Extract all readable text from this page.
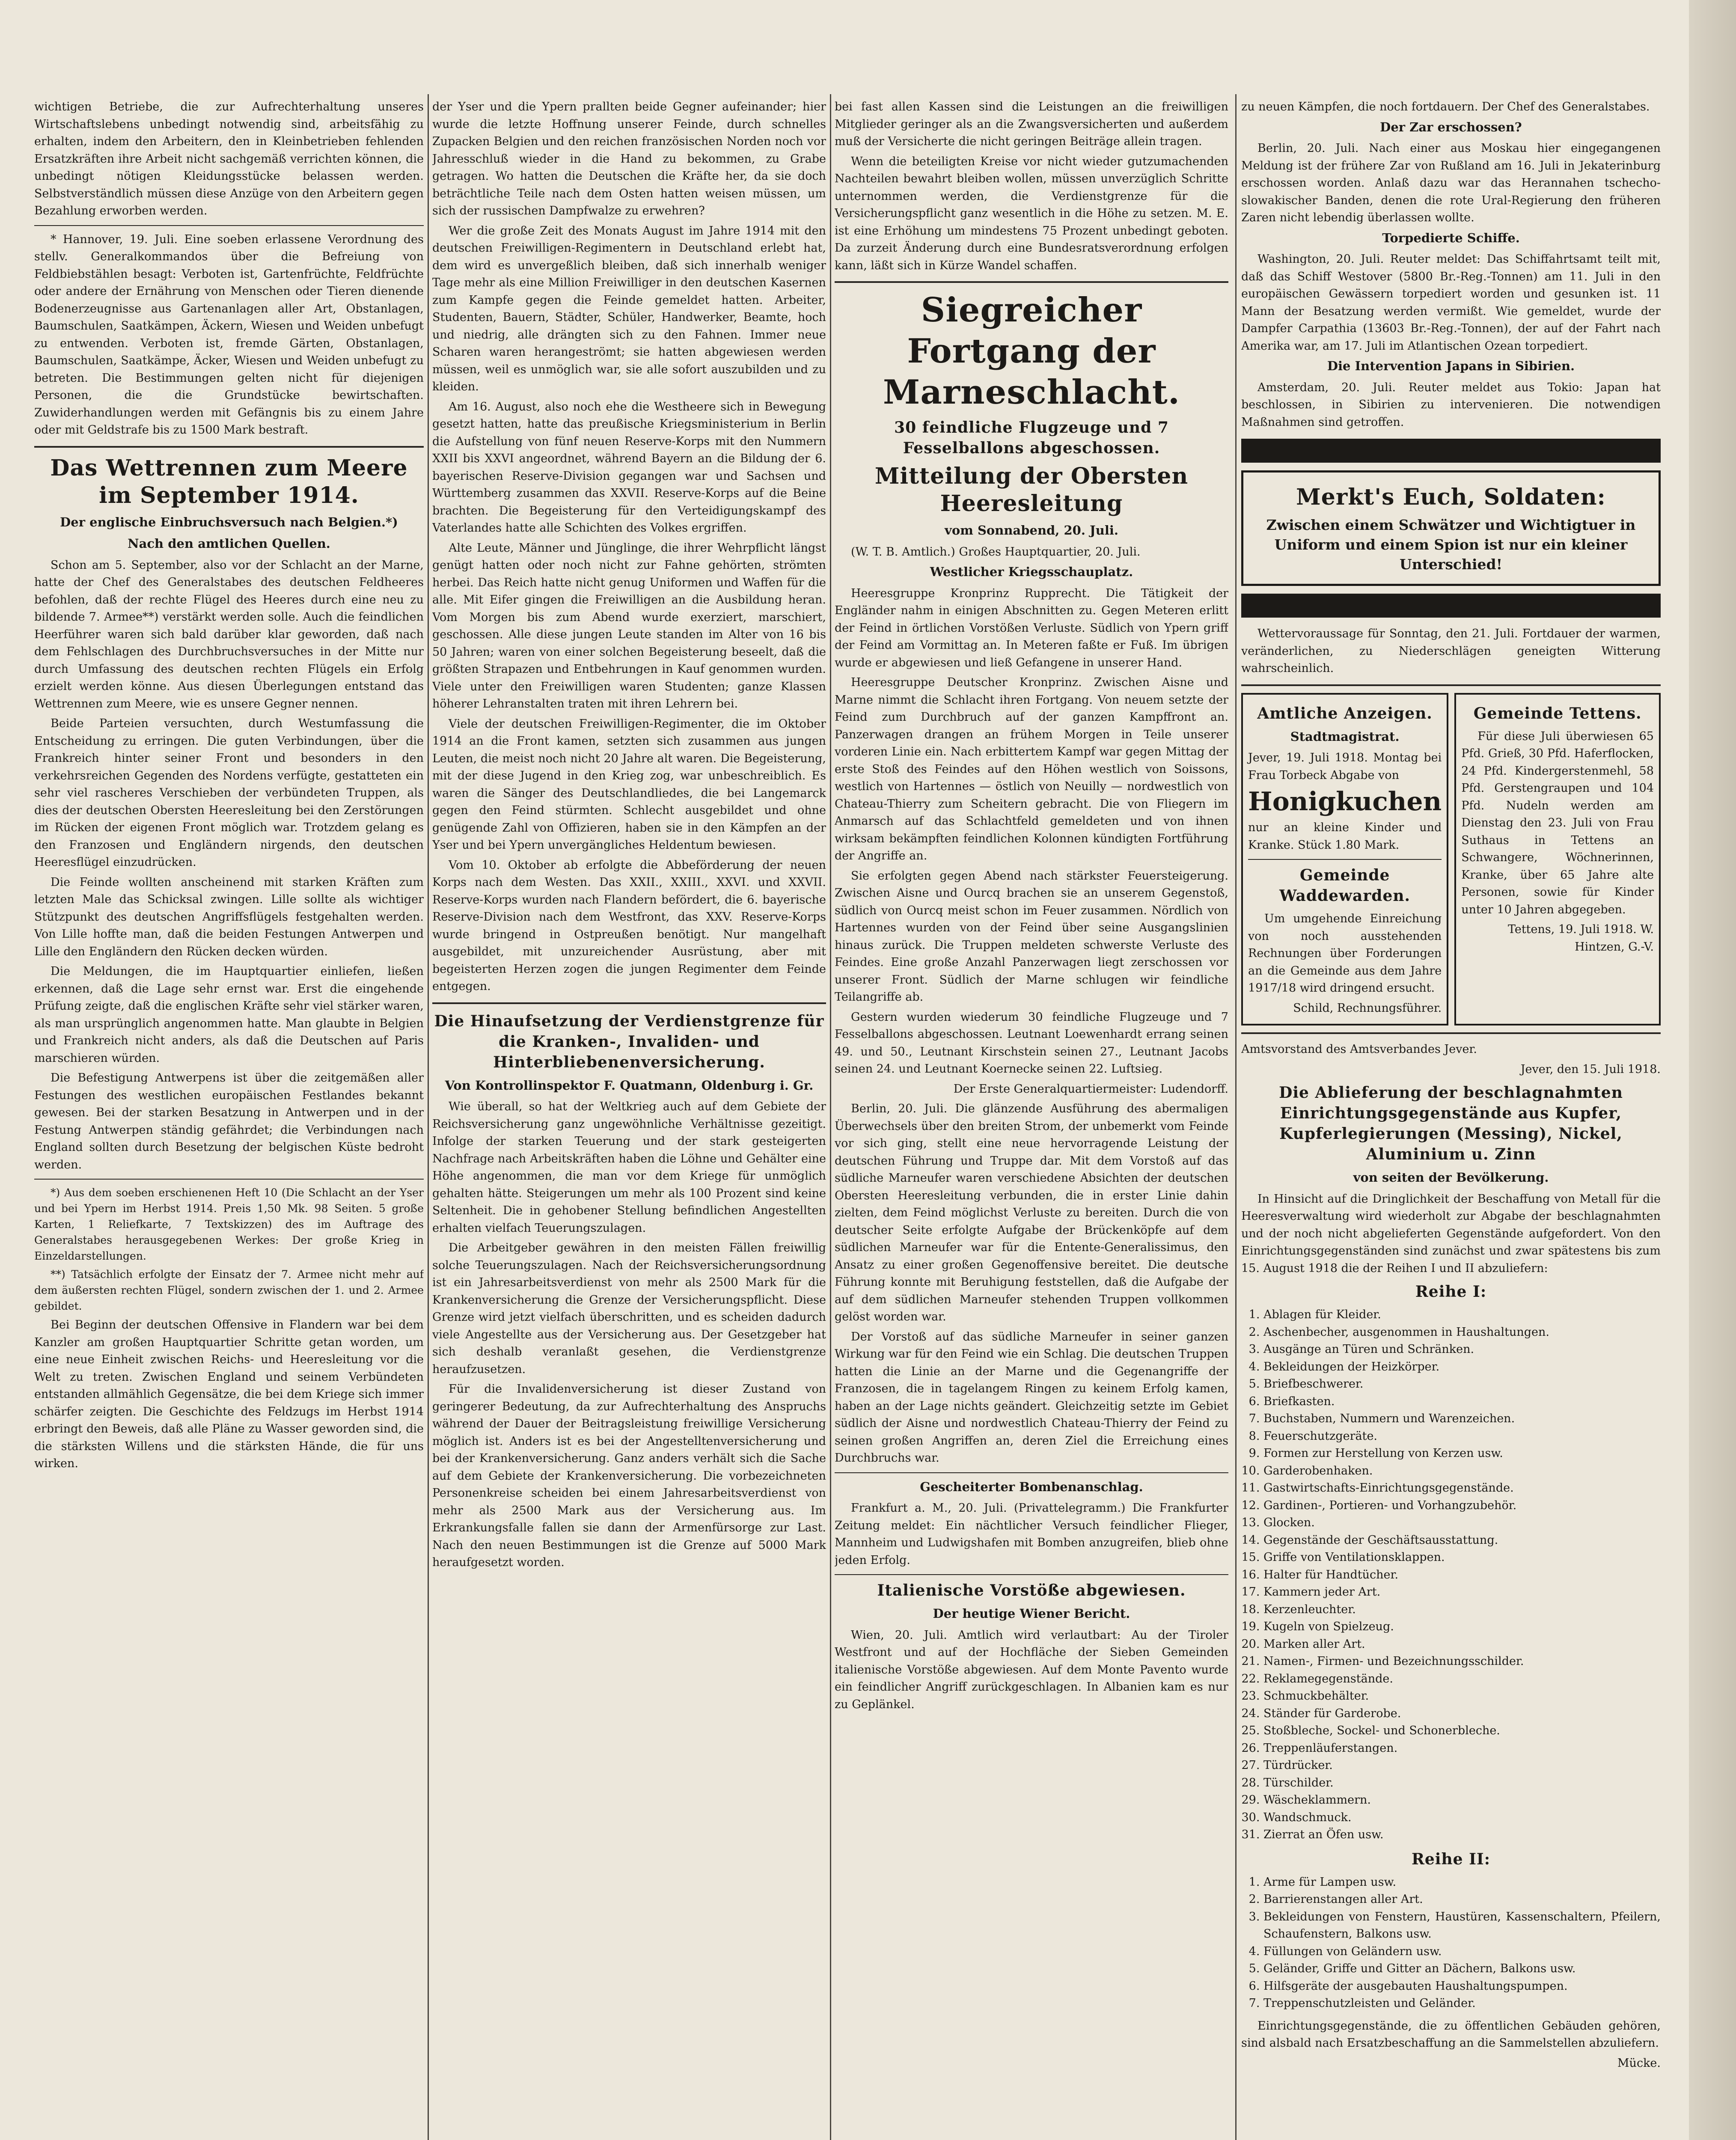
wichtigen Betriebe, die zur Aufrechterhaltung unseres Wirtschaftslebens unbedingt notwendig sind, arbeitsfähig zu erhalten, indem den Arbeitern, den in Kleinbetrieben fehlenden Ersatzkräften ihre Arbeit nicht sachgemäß verrichten können, die unbedingt nötigen Kleidungsstücke belassen werden. Selbstverständlich müssen diese Anzüge von den Arbeitern gegen Bezahlung erworben werden.

* Hannover, 19. Juli. Eine soeben erlassene Verordnung des stellv. Generalkommandos über die Befreiung von Feldbiebstählen besagt: Verboten ist, Gartenfrüchte, Feldfrüchte oder andere der Ernährung von Menschen oder Tieren dienende Bodenerzeugnisse aus Gartenanlagen aller Art, Obstanlagen, Baumschulen, Saatkämpen, Äckern, Wiesen und Weiden unbefugt zu entwenden. Verboten ist, fremde Gärten, Obstanlagen, Baumschulen, Saatkämpe, Äcker, Wiesen und Weiden unbefugt zu betreten. Die Bestimmungen gelten nicht für diejenigen Personen, die die Grundstücke bewirtschaften. Zuwiderhandlungen werden mit Gefängnis bis zu einem Jahre oder mit Geldstrafe bis zu 1500 Mark bestraft.

Das Wettrennen zum Meere im September 1914.
Der englische Einbruchsversuch nach Belgien.*)
Nach den amtlichen Quellen.

Schon am 5. September, also vor der Schlacht an der Marne, hatte der Chef des Generalstabes des deutschen Feldheeres befohlen, daß der rechte Flügel des Heeres durch eine neu zu bildende 7. Armee**) verstärkt werden solle. Auch die feindlichen Heerführer waren sich bald darüber klar geworden, daß nach dem Fehlschlagen des Durchbruchsversuches in der Mitte nur durch Umfassung des deutschen rechten Flügels ein Erfolg erzielt werden könne. Aus diesen Überlegungen entstand das Wettrennen zum Meere, wie es unsere Gegner nennen.

Beide Parteien versuchten, durch Westumfassung die Entscheidung zu erringen. Die guten Verbindungen, über die Frankreich hinter seiner Front und besonders in den verkehrsreichen Gegenden des Nordens verfügte, gestatteten ein sehr viel rascheres Verschieben der verbündeten Truppen, als dies der deutschen Obersten Heeresleitung bei den Zerstörungen im Rücken der eigenen Front möglich war. Trotzdem gelang es den Franzosen und Engländern nirgends, den deutschen Heeresflügel einzudrücken.

Die Feinde wollten anscheinend mit starken Kräften zum letzten Male das Schicksal zwingen. Lille sollte als wichtiger Stützpunkt des deutschen Angriffsflügels festgehalten werden. Von Lille hoffte man, daß die beiden Festungen Antwerpen und Lille den Engländern den Rücken decken würden.

Die Meldungen, die im Hauptquartier einliefen, ließen erkennen, daß die Lage sehr ernst war. Erst die eingehende Prüfung zeigte, daß die englischen Kräfte sehr viel stärker waren, als man ursprünglich angenommen hatte. Man glaubte in Belgien und Frankreich nicht anders, als daß die Deutschen auf Paris marschieren würden.

Die Befestigung Antwerpens ist über die zeitgemäßen aller Festungen des westlichen europäischen Festlandes bekannt gewesen. Bei der starken Besatzung in Antwerpen und in der Festung Antwerpen ständig gefährdet; die Verbindungen nach England sollten durch Besetzung der belgischen Küste bedroht werden.

*) Aus dem soeben erschienenen Heft 10 (Die Schlacht an der Yser und bei Ypern im Herbst 1914. Preis 1,50 Mk. 98 Seiten. 5 große Karten, 1 Reliefkarte, 7 Textskizzen) des im Auftrage des Generalstabes herausgegebenen Werkes: Der große Krieg in Einzeldarstellungen.

**) Tatsächlich erfolgte der Einsatz der 7. Armee nicht mehr auf dem äußersten rechten Flügel, sondern zwischen der 1. und 2. Armee gebildet.

Bei Beginn der deutschen Offensive in Flandern war bei dem Kanzler am großen Hauptquartier Schritte getan worden, um eine neue Einheit zwischen Reichs- und Heeresleitung vor die Welt zu treten. Zwischen England und seinem Verbündeten entstanden allmählich Gegensätze, die bei dem Kriege sich immer schärfer zeigten. Die Geschichte des Feldzugs im Herbst 1914 erbringt den Beweis, daß alle Pläne zu Wasser geworden sind, die die stärksten Willens und die stärksten Hände, die für uns wirken.

der Yser und die Ypern prallten beide Gegner aufeinander; hier wurde die letzte Hoffnung unserer Feinde, durch schnelles Zupacken Belgien und den reichen französischen Norden noch vor Jahresschluß wieder in die Hand zu bekommen, zu Grabe getragen. Wo hatten die Deutschen die Kräfte her, da sie doch beträchtliche Teile nach dem Osten hatten weisen müssen, um sich der russischen Dampfwalze zu erwehren?

Wer die große Zeit des Monats August im Jahre 1914 mit den deutschen Freiwilligen-Regimentern in Deutschland erlebt hat, dem wird es unvergeßlich bleiben, daß sich innerhalb weniger Tage mehr als eine Million Freiwilliger in den deutschen Kasernen zum Kampfe gegen die Feinde gemeldet hatten. Arbeiter, Studenten, Bauern, Städter, Schüler, Handwerker, Beamte, hoch und niedrig, alle drängten sich zu den Fahnen. Immer neue Scharen waren herangeströmt; sie hatten abgewiesen werden müssen, weil es unmöglich war, sie alle sofort auszubilden und zu kleiden.

Am 16. August, also noch ehe die Westheere sich in Bewegung gesetzt hatten, hatte das preußische Kriegsministerium in Berlin die Aufstellung von fünf neuen Reserve-Korps mit den Nummern XXII bis XXVI angeordnet, während Bayern an die Bildung der 6. bayerischen Reserve-Division gegangen war und Sachsen und Württemberg zusammen das XXVII. Reserve-Korps auf die Beine brachten. Die Begeisterung für den Verteidigungskampf des Vaterlandes hatte alle Schichten des Volkes ergriffen.

Alte Leute, Männer und Jünglinge, die ihrer Wehrpflicht längst genügt hatten oder noch nicht zur Fahne gehörten, strömten herbei. Das Reich hatte nicht genug Uniformen und Waffen für die alle. Mit Eifer gingen die Freiwilligen an die Ausbildung heran. Vom Morgen bis zum Abend wurde exerziert, marschiert, geschossen. Alle diese jungen Leute standen im Alter von 16 bis 50 Jahren; waren von einer solchen Begeisterung beseelt, daß die größten Strapazen und Entbehrungen in Kauf genommen wurden. Viele unter den Freiwilligen waren Studenten; ganze Klassen höherer Lehranstalten traten mit ihren Lehrern bei.

Viele der deutschen Freiwilligen-Regimenter, die im Oktober 1914 an die Front kamen, setzten sich zusammen aus jungen Leuten, die meist noch nicht 20 Jahre alt waren. Die Begeisterung, mit der diese Jugend in den Krieg zog, war unbeschreiblich. Es waren die Sänger des Deutschlandliedes, die bei Langemarck gegen den Feind stürmten. Schlecht ausgebildet und ohne genügende Zahl von Offizieren, haben sie in den Kämpfen an der Yser und bei Ypern unvergängliches Heldentum bewiesen.

Vom 10. Oktober ab erfolgte die Abbeförderung der neuen Korps nach dem Westen. Das XXII., XXIII., XXVI. und XXVII. Reserve-Korps wurden nach Flandern befördert, die 6. bayerische Reserve-Division nach dem Westfront, das XXV. Reserve-Korps wurde bringend in Ostpreußen benötigt. Nur mangelhaft ausgebildet, mit unzureichender Ausrüstung, aber mit begeisterten Herzen zogen die jungen Regimenter dem Feinde entgegen.

Die Hinaufsetzung der Verdienstgrenze für die Kranken-, Invaliden- und Hinterbliebenenversicherung.
Von Kontrollinspektor F. Quatmann, Oldenburg i. Gr.

Wie überall, so hat der Weltkrieg auch auf dem Gebiete der Reichsversicherung ganz ungewöhnliche Verhältnisse gezeitigt. Infolge der starken Teuerung und der stark gesteigerten Nachfrage nach Arbeitskräften haben die Löhne und Gehälter eine Höhe angenommen, die man vor dem Kriege für unmöglich gehalten hätte. Steigerungen um mehr als 100 Prozent sind keine Seltenheit. Die in gehobener Stellung befindlichen Angestellten erhalten vielfach Teuerungszulagen.

Die Arbeitgeber gewähren in den meisten Fällen freiwillig solche Teuerungszulagen. Nach der Reichsversicherungsordnung ist ein Jahresarbeitsverdienst von mehr als 2500 Mark für die Krankenversicherung die Grenze der Versicherungspflicht. Diese Grenze wird jetzt vielfach überschritten, und es scheiden dadurch viele Angestellte aus der Versicherung aus. Der Gesetzgeber hat sich deshalb veranlaßt gesehen, die Verdienstgrenze heraufzusetzen.

Für die Invalidenversicherung ist dieser Zustand von geringerer Bedeutung, da zur Aufrechterhaltung des Anspruchs während der Dauer der Beitragsleistung freiwillige Versicherung möglich ist. Anders ist es bei der Angestelltenversicherung und bei der Krankenversicherung. Ganz anders verhält sich die Sache auf dem Gebiete der Krankenversicherung. Die vorbezeichneten Personenkreise scheiden bei einem Jahresarbeitsverdienst von mehr als 2500 Mark aus der Versicherung aus. Im Erkrankungsfalle fallen sie dann der Armenfürsorge zur Last. Nach den neuen Bestimmungen ist die Grenze auf 5000 Mark heraufgesetzt worden.

bei fast allen Kassen sind die Leistungen an die freiwilligen Mitglieder geringer als an die Zwangsversicherten und außerdem muß der Versicherte die nicht geringen Beiträge allein tragen.

Wenn die beteiligten Kreise vor nicht wieder gutzumachenden Nachteilen bewahrt bleiben wollen, müssen unverzüglich Schritte unternommen werden, die Verdienstgrenze für die Versicherungspflicht ganz wesentlich in die Höhe zu setzen. M. E. ist eine Erhöhung um mindestens 75 Prozent unbedingt geboten. Da zurzeit Änderung durch eine Bundesratsverordnung erfolgen kann, läßt sich in Kürze Wandel schaffen.

Siegreicher Fortgang der Marneschlacht.
30 feindliche Flugzeuge und 7 Fesselballons abgeschossen.
Mitteilung der Obersten Heeresleitung
vom Sonnabend, 20. Juli.

(W. T. B. Amtlich.) Großes Hauptquartier, 20. Juli.

Westlicher Kriegsschauplatz.

Heeresgruppe Kronprinz Rupprecht. Die Tätigkeit der Engländer nahm in einigen Abschnitten zu. Gegen Meteren erlitt der Feind in örtlichen Vorstößen Verluste. Südlich von Ypern griff der Feind am Vormittag an. In Meteren faßte er Fuß. Im übrigen wurde er abgewiesen und ließ Gefangene in unserer Hand.

Heeresgruppe Deutscher Kronprinz. Zwischen Aisne und Marne nimmt die Schlacht ihren Fortgang. Von neuem setzte der Feind zum Durchbruch auf der ganzen Kampffront an. Panzerwagen drangen an frühem Morgen in Teile unserer vorderen Linie ein. Nach erbittertem Kampf war gegen Mittag der erste Stoß des Feindes auf den Höhen westlich von Soissons, westlich von Hartennes — östlich von Neuilly — nordwestlich von Chateau-Thierry zum Scheitern gebracht. Die von Fliegern im Anmarsch auf das Schlachtfeld gemeldeten und von ihnen wirksam bekämpften feindlichen Kolonnen kündigten Fortführung der Angriffe an.

Sie erfolgten gegen Abend nach stärkster Feuersteigerung. Zwischen Aisne und Ourcq brachen sie an unserem Gegenstoß, südlich von Ourcq meist schon im Feuer zusammen. Nördlich von Hartennes wurden von der Feind über seine Ausgangslinien hinaus zurück. Die Truppen meldeten schwerste Verluste des Feindes. Eine große Anzahl Panzerwagen liegt zerschossen vor unserer Front. Südlich der Marne schlugen wir feindliche Teilangriffe ab.

Gestern wurden wiederum 30 feindliche Flugzeuge und 7 Fesselballons abgeschossen. Leutnant Loewenhardt errang seinen 49. und 50., Leutnant Kirschstein seinen 27., Leutnant Jacobs seinen 24. und Leutnant Koernecke seinen 22. Luftsieg.

Der Erste Generalquartiermeister: Ludendorff.

Berlin, 20. Juli. Die glänzende Ausführung des abermaligen Überwechsels über den breiten Strom, der unbemerkt vom Feinde vor sich ging, stellt eine neue hervorragende Leistung der deutschen Führung und Truppe dar. Mit dem Vorstoß auf das südliche Marneufer waren verschiedene Absichten der deutschen Obersten Heeresleitung verbunden, die in erster Linie dahin zielten, dem Feind möglichst Verluste zu bereiten. Durch die von deutscher Seite erfolgte Aufgabe der Brückenköpfe auf dem südlichen Marneufer war für die Entente-Generalissimus, den Ansatz zu einer großen Gegenoffensive bereitet. Die deutsche Führung konnte mit Beruhigung feststellen, daß die Aufgabe der auf dem südlichen Marneufer stehenden Truppen vollkommen gelöst worden war.

Der Vorstoß auf das südliche Marneufer in seiner ganzen Wirkung war für den Feind wie ein Schlag. Die deutschen Truppen hatten die Linie an der Marne und die Gegenangriffe der Franzosen, die in tagelangem Ringen zu keinem Erfolg kamen, haben an der Lage nichts geändert. Gleichzeitig setzte im Gebiet südlich der Aisne und nordwestlich Chateau-Thierry der Feind zu seinen großen Angriffen an, deren Ziel die Erreichung eines Durchbruchs war.

Gescheiterter Bombenanschlag.

Frankfurt a. M., 20. Juli. (Privattelegramm.) Die Frankfurter Zeitung meldet: Ein nächtlicher Versuch feindlicher Flieger, Mannheim und Ludwigshafen mit Bomben anzugreifen, blieb ohne jeden Erfolg.

Italienische Vorstöße abgewiesen.
Der heutige Wiener Bericht.

Wien, 20. Juli. Amtlich wird verlautbart: Au der Tiroler Westfront und auf der Hochfläche der Sieben Gemeinden italienische Vorstöße abgewiesen. Auf dem Monte Pavento wurde ein feindlicher Angriff zurückgeschlagen. In Albanien kam es nur zu Geplänkel.

zu neuen Kämpfen, die noch fortdauern. Der Chef des Generalstabes.

Der Zar erschossen?

Berlin, 20. Juli. Nach einer aus Moskau hier eingegangenen Meldung ist der frühere Zar von Rußland am 16. Juli in Jekaterinburg erschossen worden. Anlaß dazu war das Herannahen tschecho-slowakischer Banden, denen die rote Ural-Regierung den früheren Zaren nicht lebendig überlassen wollte.

Torpedierte Schiffe.

Washington, 20. Juli. Reuter meldet: Das Schiffahrtsamt teilt mit, daß das Schiff Westover (5800 Br.-Reg.-Tonnen) am 11. Juli in den europäischen Gewässern torpediert worden und gesunken ist. 11 Mann der Besatzung werden vermißt. Wie gemeldet, wurde der Dampfer Carpathia (13603 Br.-Reg.-Tonnen), der auf der Fahrt nach Amerika war, am 17. Juli im Atlantischen Ozean torpediert.

Die Intervention Japans in Sibirien.

Amsterdam, 20. Juli. Reuter meldet aus Tokio: Japan hat beschlossen, in Sibirien zu intervenieren. Die notwendigen Maßnahmen sind getroffen.

Merkt's Euch, Soldaten:

Zwischen einem Schwätzer und Wichtigtuer in Uniform und einem Spion ist nur ein kleiner Unterschied!

Wettervoraussage für Sonntag, den 21. Juli. Fortdauer der warmen, veränderlichen, zu Niederschlägen geneigten Witterung wahrscheinlich.

Amtliche Anzeigen.
Stadtmagistrat.

Jever, 19. Juli 1918. Montag bei Frau Torbeck Abgabe von

Honigkuchen

nur an kleine Kinder und Kranke. Stück 1.80 Mark.

Gemeinde Waddewarden.

Um umgehende Einreichung von noch ausstehenden Rechnungen über Forderungen an die Gemeinde aus dem Jahre 1917/18 wird dringend ersucht.

Schild, Rechnungsführer.

Gemeinde Tettens.

Für diese Juli überwiesen 65 Pfd. Grieß, 30 Pfd. Haferflocken, 24 Pfd. Kindergerstenmehl, 58 Pfd. Gerstengraupen und 104 Pfd. Nudeln werden am Dienstag den 23. Juli von Frau Suthaus in Tettens an Schwangere, Wöchnerinnen, Kranke, über 65 Jahre alte Personen, sowie für Kinder unter 10 Jahren abgegeben.

Tettens, 19. Juli 1918. W. Hintzen, G.-V.

Amtsvorstand des Amtsverbandes Jever.

Jever, den 15. Juli 1918.

Die Ablieferung der beschlagnahmten Einrichtungsgegenstände aus Kupfer, Kupferlegierungen (Messing), Nickel, Aluminium u. Zinn
von seiten der Bevölkerung.

In Hinsicht auf die Dringlichkeit der Beschaffung von Metall für die Heeresverwaltung wird wiederholt zur Abgabe der beschlagnahmten und der noch nicht abgelieferten Gegenstände aufgefordert. Von den Einrichtungsgegenständen sind zunächst und zwar spätestens bis zum 15. August 1918 die der Reihen I und II abzuliefern:

Reihe I:
1. Ablagen für Kleider.
2. Aschenbecher, ausgenommen in Haushaltungen.
3. Ausgänge an Türen und Schränken.
4. Bekleidungen der Heizkörper.
5. Briefbeschwerer.
6. Briefkasten.
7. Buchstaben, Nummern und Warenzeichen.
8. Feuerschutzgeräte.
9. Formen zur Herstellung von Kerzen usw.
10. Garderobenhaken.
11. Gastwirtschafts-Einrichtungsgegenstände.
12. Gardinen-, Portieren- und Vorhangzubehör.
13. Glocken.
14. Gegenstände der Geschäftsausstattung.
15. Griffe von Ventilationsklappen.
16. Halter für Handtücher.
17. Kammern jeder Art.
18. Kerzenleuchter.
19. Kugeln von Spielzeug.
20. Marken aller Art.
21. Namen-, Firmen- und Bezeichnungsschilder.
22. Reklamegegenstände.
23. Schmuckbehälter.
24. Ständer für Garderobe.
25. Stoßbleche, Sockel- und Schonerbleche.
26. Treppenläuferstangen.
27. Türdrücker.
28. Türschilder.
29. Wäscheklammern.
30. Wandschmuck.
31. Zierrat an Öfen usw.
Reihe II:
1. Arme für Lampen usw.
2. Barrierenstangen aller Art.
3. Bekleidungen von Fenstern, Haustüren, Kassenschaltern, Pfeilern, Schaufenstern, Balkons usw.
4. Füllungen von Geländern usw.
5. Geländer, Griffe und Gitter an Dächern, Balkons usw.
6. Hilfsgeräte der ausgebauten Haushaltungspumpen.
7. Treppenschutzleisten und Geländer.

Einrichtungsgegenstände, die zu öffentlichen Gebäuden gehören, sind alsbald nach Ersatzbeschaffung an die Sammelstellen abzuliefern.

Mücke.
